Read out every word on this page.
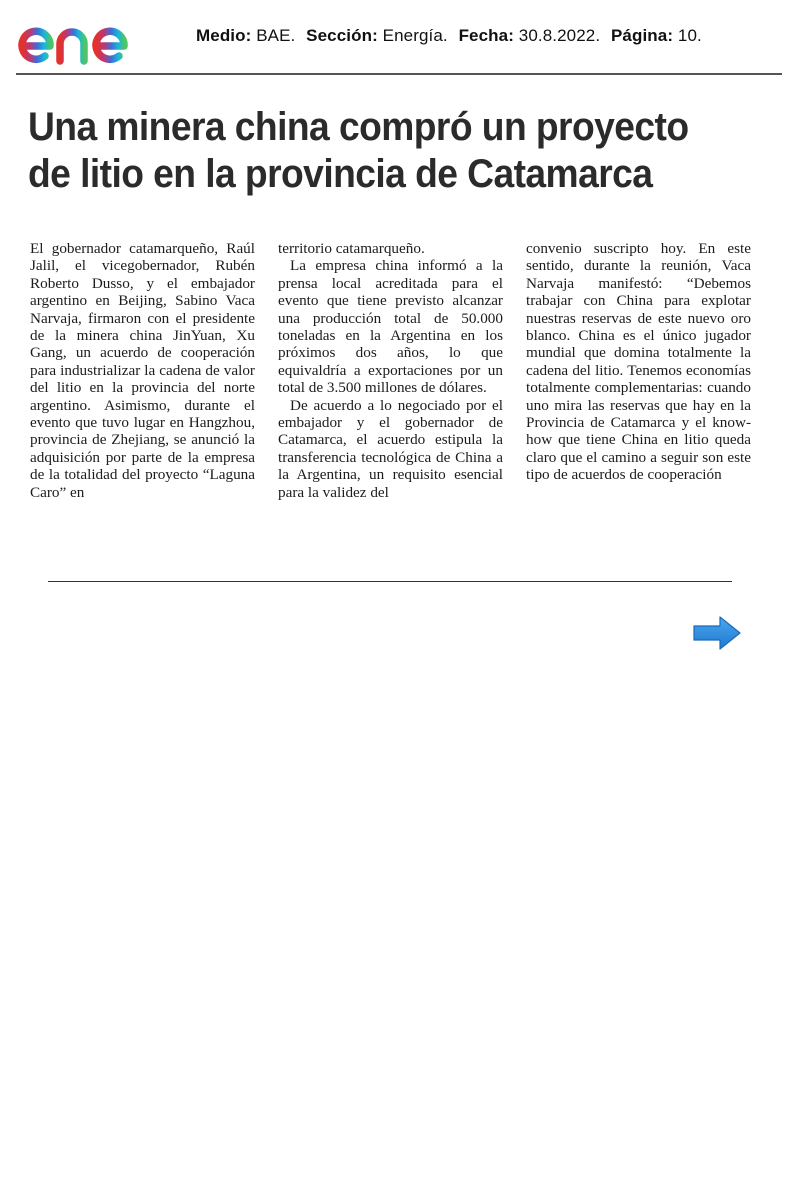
Medio: BAE. Sección: Energía. Fecha: 30.8.2022. Página: 10.
Una minera china compró un proyecto de litio en la provincia de Catamarca

El gobernador catamarqueño, Raúl Jalil, el vicegobernador, Rubén Roberto Dusso, y el embajador argentino en Beijing, Sabino Vaca Narvaja, firmaron con el presidente de la minera china JinYuan, Xu Gang, un acuerdo de cooperación para industrializar la cadena de valor del litio en la provincia del norte argentino. Asimismo, durante el evento que tuvo lugar en Hangzhou, provincia de Zhejiang, se anunció la adquisición por parte de la empresa de la totalidad del proyecto “Laguna Caro” en

territorio catamarqueño.

La empresa china informó a la prensa local acreditada para el evento que tiene previsto alcanzar una producción total de 50.000 toneladas en la Argentina en los próximos dos años, lo que equivaldría a exportaciones por un total de 3.500 millones de dólares.

De acuerdo a lo negociado por el embajador y el gobernador de Catamarca, el acuerdo estipula la transferencia tecnológica de China a la Argentina, un requisito esencial para la validez del

convenio suscripto hoy. En este sentido, durante la reunión, Vaca Narvaja manifestó: “Debemos trabajar con China para explotar nuestras reservas de este nuevo oro blanco. China es el único jugador mundial que domina totalmente la cadena del litio. Tenemos economías totalmente complementarias: cuando uno mira las reservas que hay en la Provincia de Catamarca y el know-how que tiene China en litio queda claro que el camino a seguir son este tipo de acuerdos de cooperación
